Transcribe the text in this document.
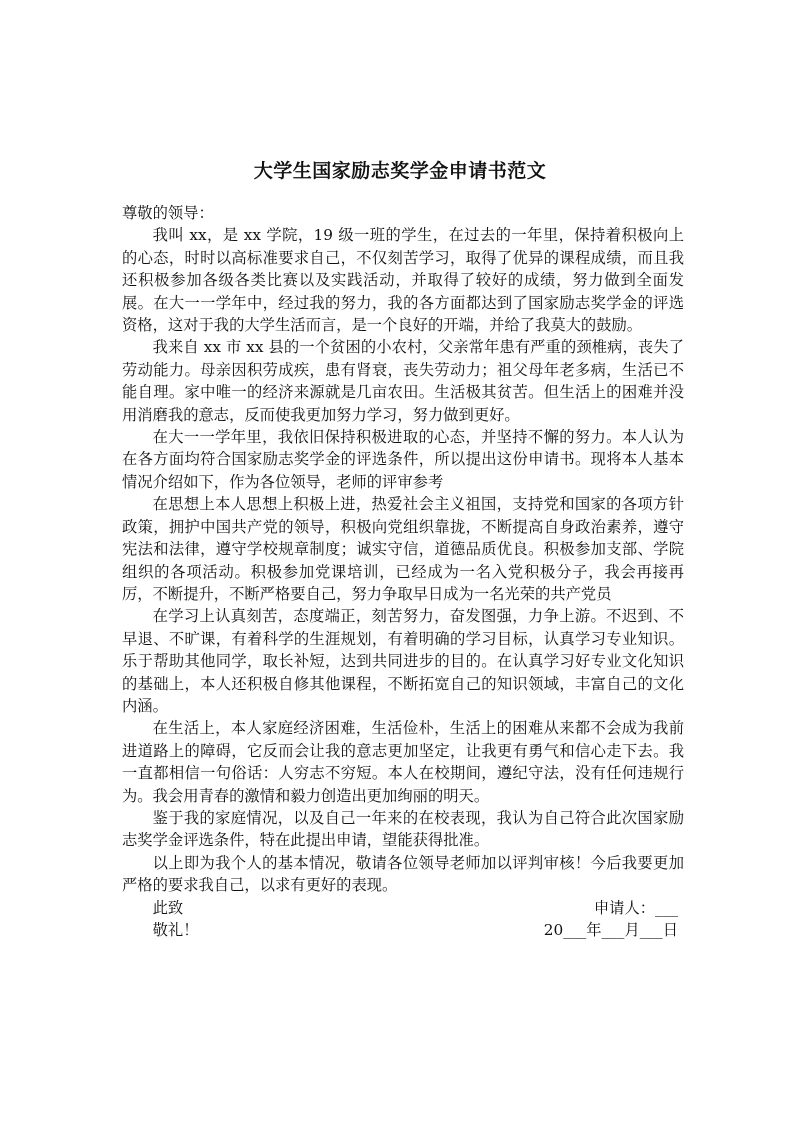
大学生国家励志奖学金申请书范文

尊敬的领导：

我叫 xx，是 xx 学院，19 级一班的学生，在过去的一年里，保持着积极向上的心态，时时以高标准要求自己，不仅刻苦学习，取得了优异的课程成绩，而且我还积极参加各级各类比赛以及实践活动，并取得了较好的成绩，努力做到全面发展。在大一一学年中，经过我的努力，我的各方面都达到了国家励志奖学金的评选资格，这对于我的大学生活而言，是一个良好的开端，并给了我莫大的鼓励。

我来自 xx 市 xx 县的一个贫困的小农村，父亲常年患有严重的颈椎病，丧失了劳动能力。母亲因积劳成疾，患有肾衰，丧失劳动力；祖父母年老多病，生活已不能自理。家中唯一的经济来源就是几亩农田。生活极其贫苦。但生活上的困难并没用消磨我的意志，反而使我更加努力学习，努力做到更好。

在大一一学年里，我依旧保持积极进取的心态，并坚持不懈的努力。本人认为在各方面均符合国家励志奖学金的评选条件，所以提出这份申请书。现将本人基本情况介绍如下，作为各位领导，老师的评审参考

在思想上本人思想上积极上进，热爱社会主义祖国，支持党和国家的各项方针政策，拥护中国共产党的领导，积极向党组织靠拢，不断提高自身政治素养，遵守宪法和法律，遵守学校规章制度；诚实守信，道德品质优良。积极参加支部、学院组织的各项活动。积极参加党课培训，已经成为一名入党积极分子，我会再接再厉，不断提升，不断严格要自己，努力争取早日成为一名光荣的共产党员

在学习上认真刻苦，态度端正，刻苦努力，奋发图强，力争上游。不迟到、不早退、不旷课，有着科学的生涯规划，有着明确的学习目标，认真学习专业知识。乐于帮助其他同学，取长补短，达到共同进步的目的。在认真学习好专业文化知识的基础上，本人还积极自修其他课程，不断拓宽自己的知识领域，丰富自己的文化内涵。

在生活上，本人家庭经济困难，生活俭朴，生活上的困难从来都不会成为我前进道路上的障碍，它反而会让我的意志更加坚定，让我更有勇气和信心走下去。我一直都相信一句俗话：人穷志不穷短。本人在校期间，遵纪守法，没有任何违规行为。我会用青春的激情和毅力创造出更加绚丽的明天。

鉴于我的家庭情况，以及自己一年来的在校表现，我认为自己符合此次国家励志奖学金评选条件，特在此提出申请，望能获得批准。

以上即为我个人的基本情况，敬请各位领导老师加以评判审核！今后我要更加严格的要求我自己，以求有更好的表现。

此致

敬礼！

申请人：___
20___年___月___日
